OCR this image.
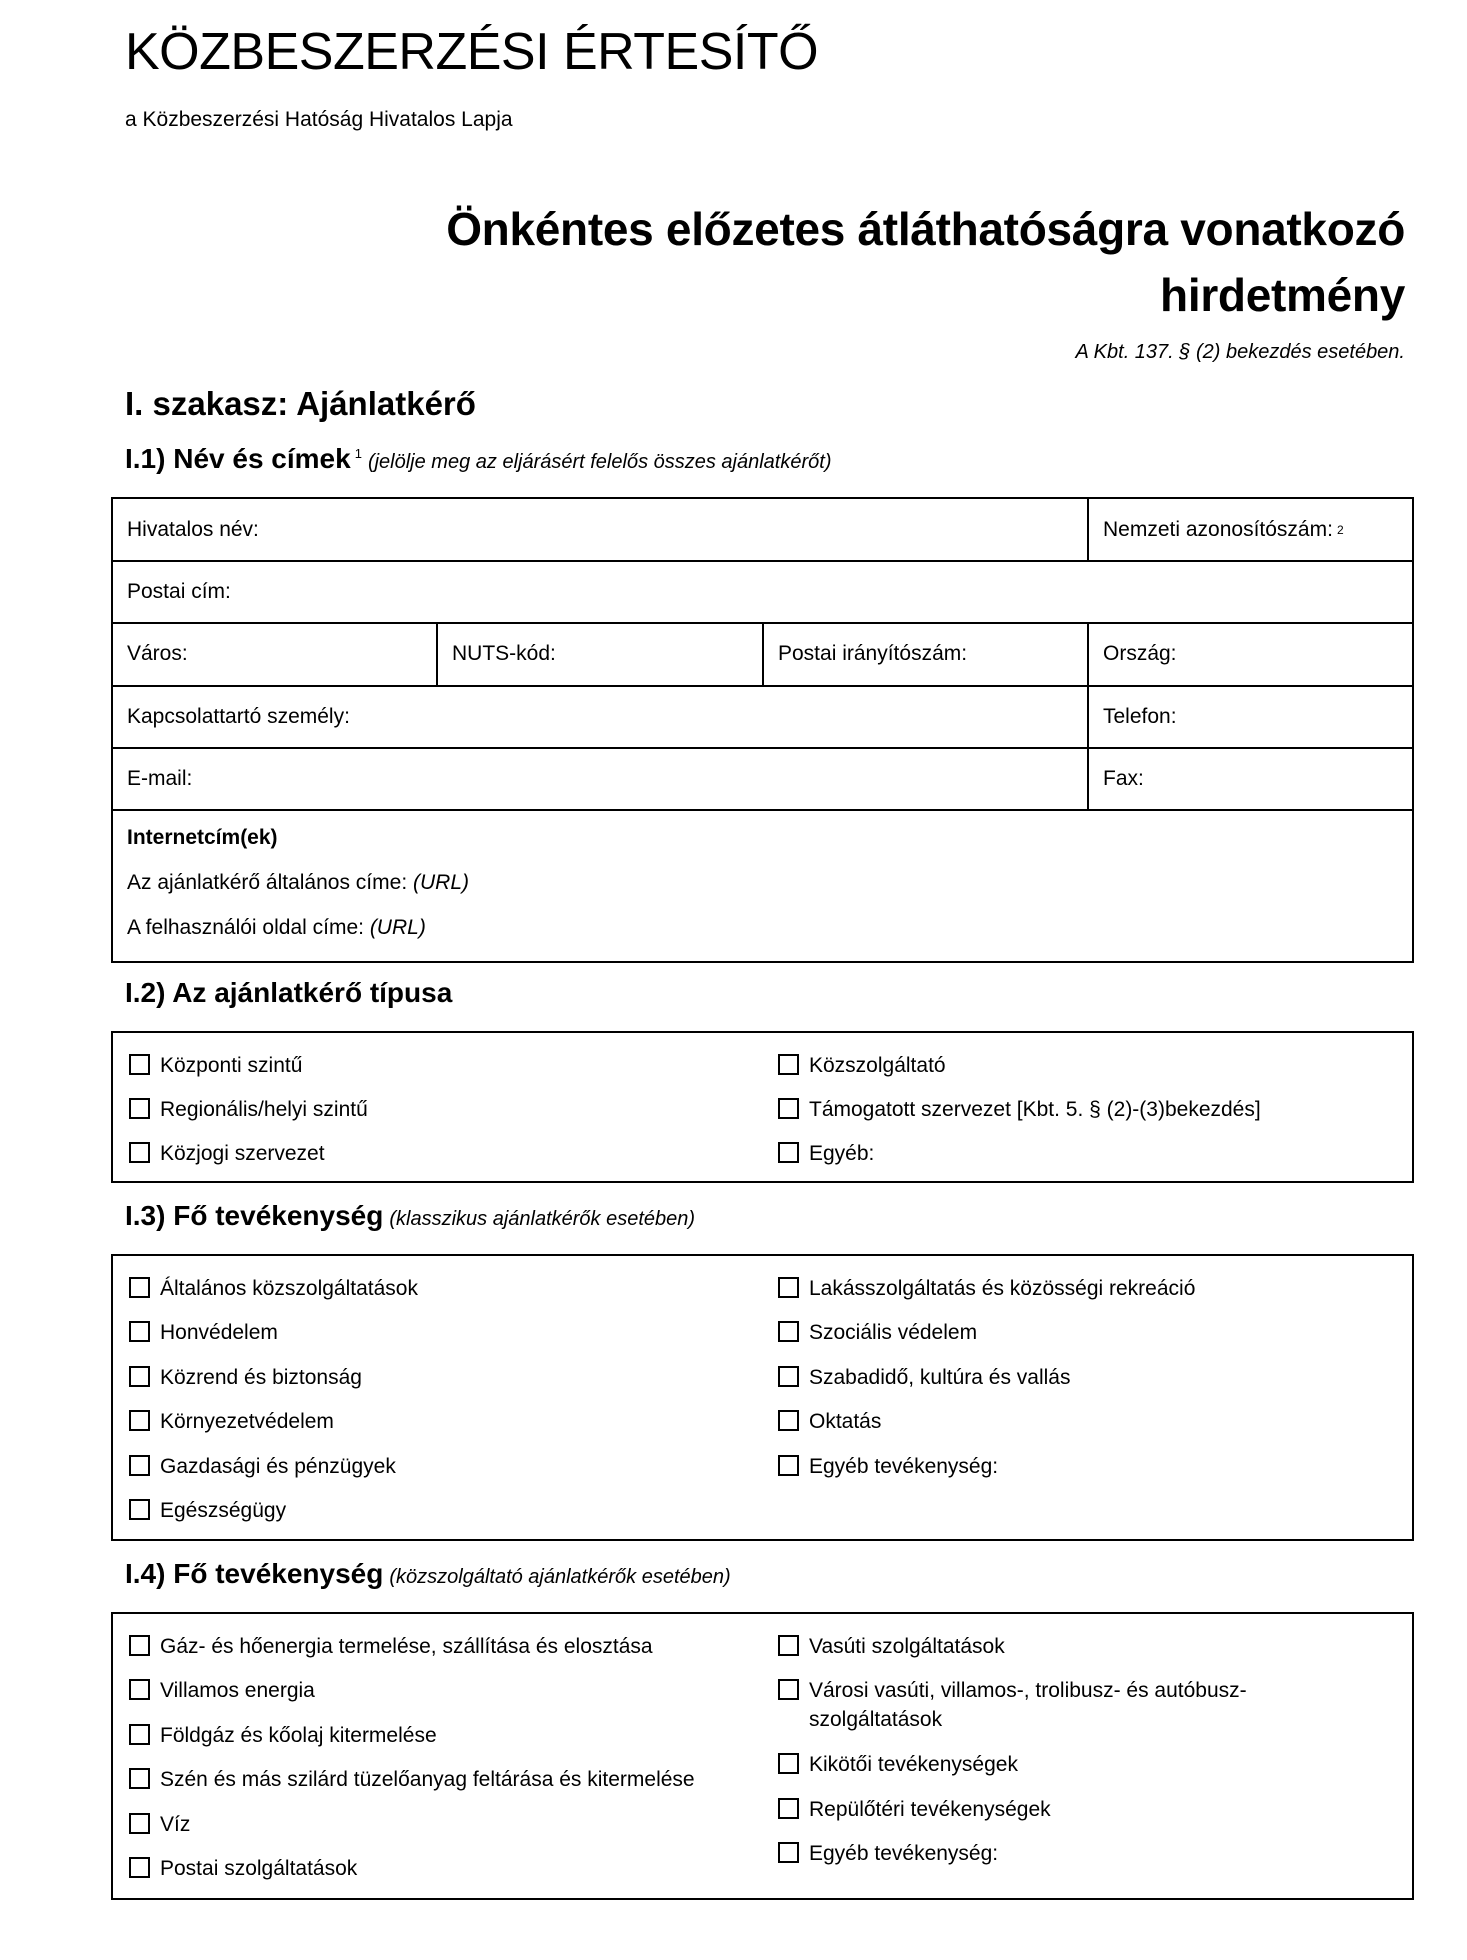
KÖZBESZERZÉSI ÉRTESÍTŐ
a Közbeszerzési Hatóság Hivatalos Lapja
Önkéntes előzetes átláthatóságra vonatkozó
hirdetmény
A Kbt. 137. § (2) bekezdés esetében.
I. szakasz: Ajánlatkérő
I.1) Név és címek $^1$ (jelölje meg az eljárásért felelős összes ajánlatkérőt)
Hivatalos név:	Nemzeti azonosítószám: 2
Postai cím:
Város:	NUTS-kód:	Postai irányítószám:	Ország:
Kapcsolattartó személy:	Telefon:
E-mail:	Fax:
Internetcím(ek)
Az ajánlatkérő általános címe: (URL)
A felhasználói oldal címe: (URL)
I.2) Az ajánlatkérő típusa
Központi szintű
Regionális/helyi szintű
Közjogi szervezet
Közszolgáltató
Támogatott szervezet [Kbt. 5. § (2)-(3)bekezdés]
Egyéb:
I.3) Fő tevékenység (klasszikus ajánlatkérők esetében)
Általános közszolgáltatások
Honvédelem
Közrend és biztonság
Környezetvédelem
Gazdasági és pénzügyek
Egészségügy
Lakásszolgáltatás és közösségi rekreáció
Szociális védelem
Szabadidő, kultúra és vallás
Oktatás
Egyéb tevékenység:
I.4) Fő tevékenység (közszolgáltató ajánlatkérők esetében)
Gáz- és hőenergia termelése, szállítása és elosztása
Villamos energia
Földgáz és kőolaj kitermelése
Szén és más szilárd tüzelőanyag feltárása és kitermelése
Víz
Postai szolgáltatások
Vasúti szolgáltatások
Városi vasúti, villamos-, trolibusz- és autóbusz-szolgáltatások
Kikötői tevékenységek
Repülőtéri tevékenységek
Egyéb tevékenység:
